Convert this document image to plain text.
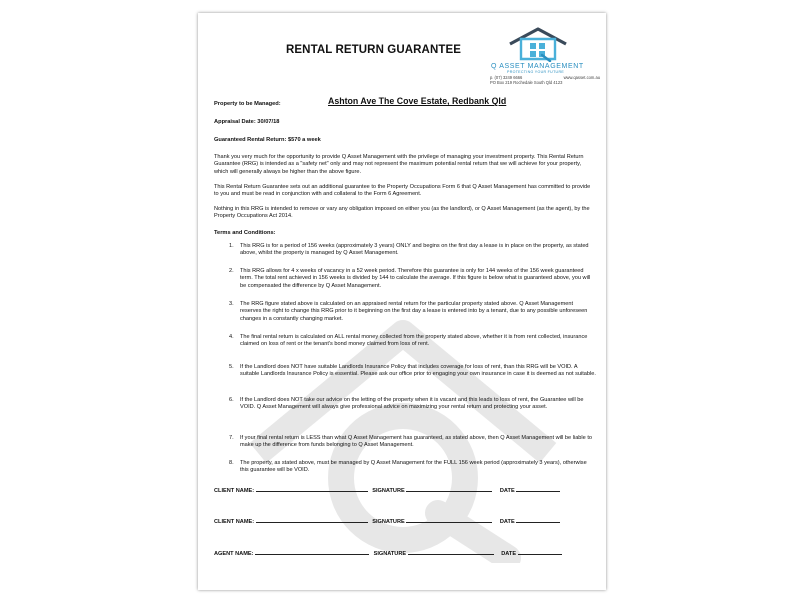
RENTAL RETURN GUARANTEE
Q ASSET MANAGEMENT
PROTECTING YOUR FUTURE
p. (07) 3249 6666	www.qasset.com.au
PO Box 219 Rochedale South Qld 4123
Property to be Managed:	Ashton Ave The Cove Estate, Redbank Qld
Appraisal Date: 30/07/18
Guaranteed Rental Return: $570 a week
Thank you very much for the opportunity to provide Q Asset Management with the privilege of managing your investment property. This Rental Return Guarantee (RRG) is intended as a "safety net" only and may not represent the maximum potential rental return that we will achieve for your property, which will generally always be higher than the above figure.
This Rental Return Guarantee sets out an additional guarantee to the Property Occupations Form 6 that Q Asset Management has committed to provide to you and must be read in conjunction with and collateral to the Form 6 Agreement.
Nothing in this RRG is intended to remove or vary any obligation imposed on either you (as the landlord), or Q Asset Management (as the agent), by the Property Occupations Act 2014.
Terms and Conditions:
1. This RRG is for a period of 156 weeks (approximately 3 years) ONLY and begins on the first day a lease is in place on the property, as stated above, whilst the property is managed by Q Asset Management.
2. This RRG allows for 4 x weeks of vacancy in a 52 week period. Therefore this guarantee is only for 144 weeks of the 156 week guaranteed term. The total rent achieved in 156 weeks is divided by 144 to calculate the average. If this figure is below what is guaranteed above, you will be compensated the difference by Q Asset Management.
3. The RRG figure stated above is calculated on an appraised rental return for the particular property stated above. Q Asset Management reserves the right to change this RRG prior to it beginning on the first day a lease is entered into by a tenant, due to any possible unforeseen changes in a constantly changing market.
4. The final rental return is calculated on ALL rental money collected from the property stated above, whether it is from rent collected, insurance claimed on loss of rent or the tenant's bond money claimed from loss of rent.
5. If the Landlord does NOT have suitable Landlords Insurance Policy that includes coverage for loss of rent, than this RRG will be VOID. A suitable Landlords Insurance Policy is essential. Please ask our office prior to engaging your own insurance in case it is deemed as not suitable.
6. If the Landlord does NOT take our advice on the letting of the property when it is vacant and this leads to loss of rent, the Guarantee will be VOID. Q Asset Management will always give professional advice on maximizing your rental return and protecting your asset.
7. If your final rental return is LESS than what Q Asset Management has guaranteed, as stated above, then Q Asset Management will be liable to make up the difference from funds belonging to Q Asset Management.
8. The property, as stated above, must be managed by Q Asset Management for the FULL 156 week period (approximately 3 years), otherwise this guarantee will be VOID.
CLIENT NAME:	SIGNATURE	DATE
CLIENT NAME:	SIGNATURE	DATE
AGENT NAME:	SIGNATURE	DATE
